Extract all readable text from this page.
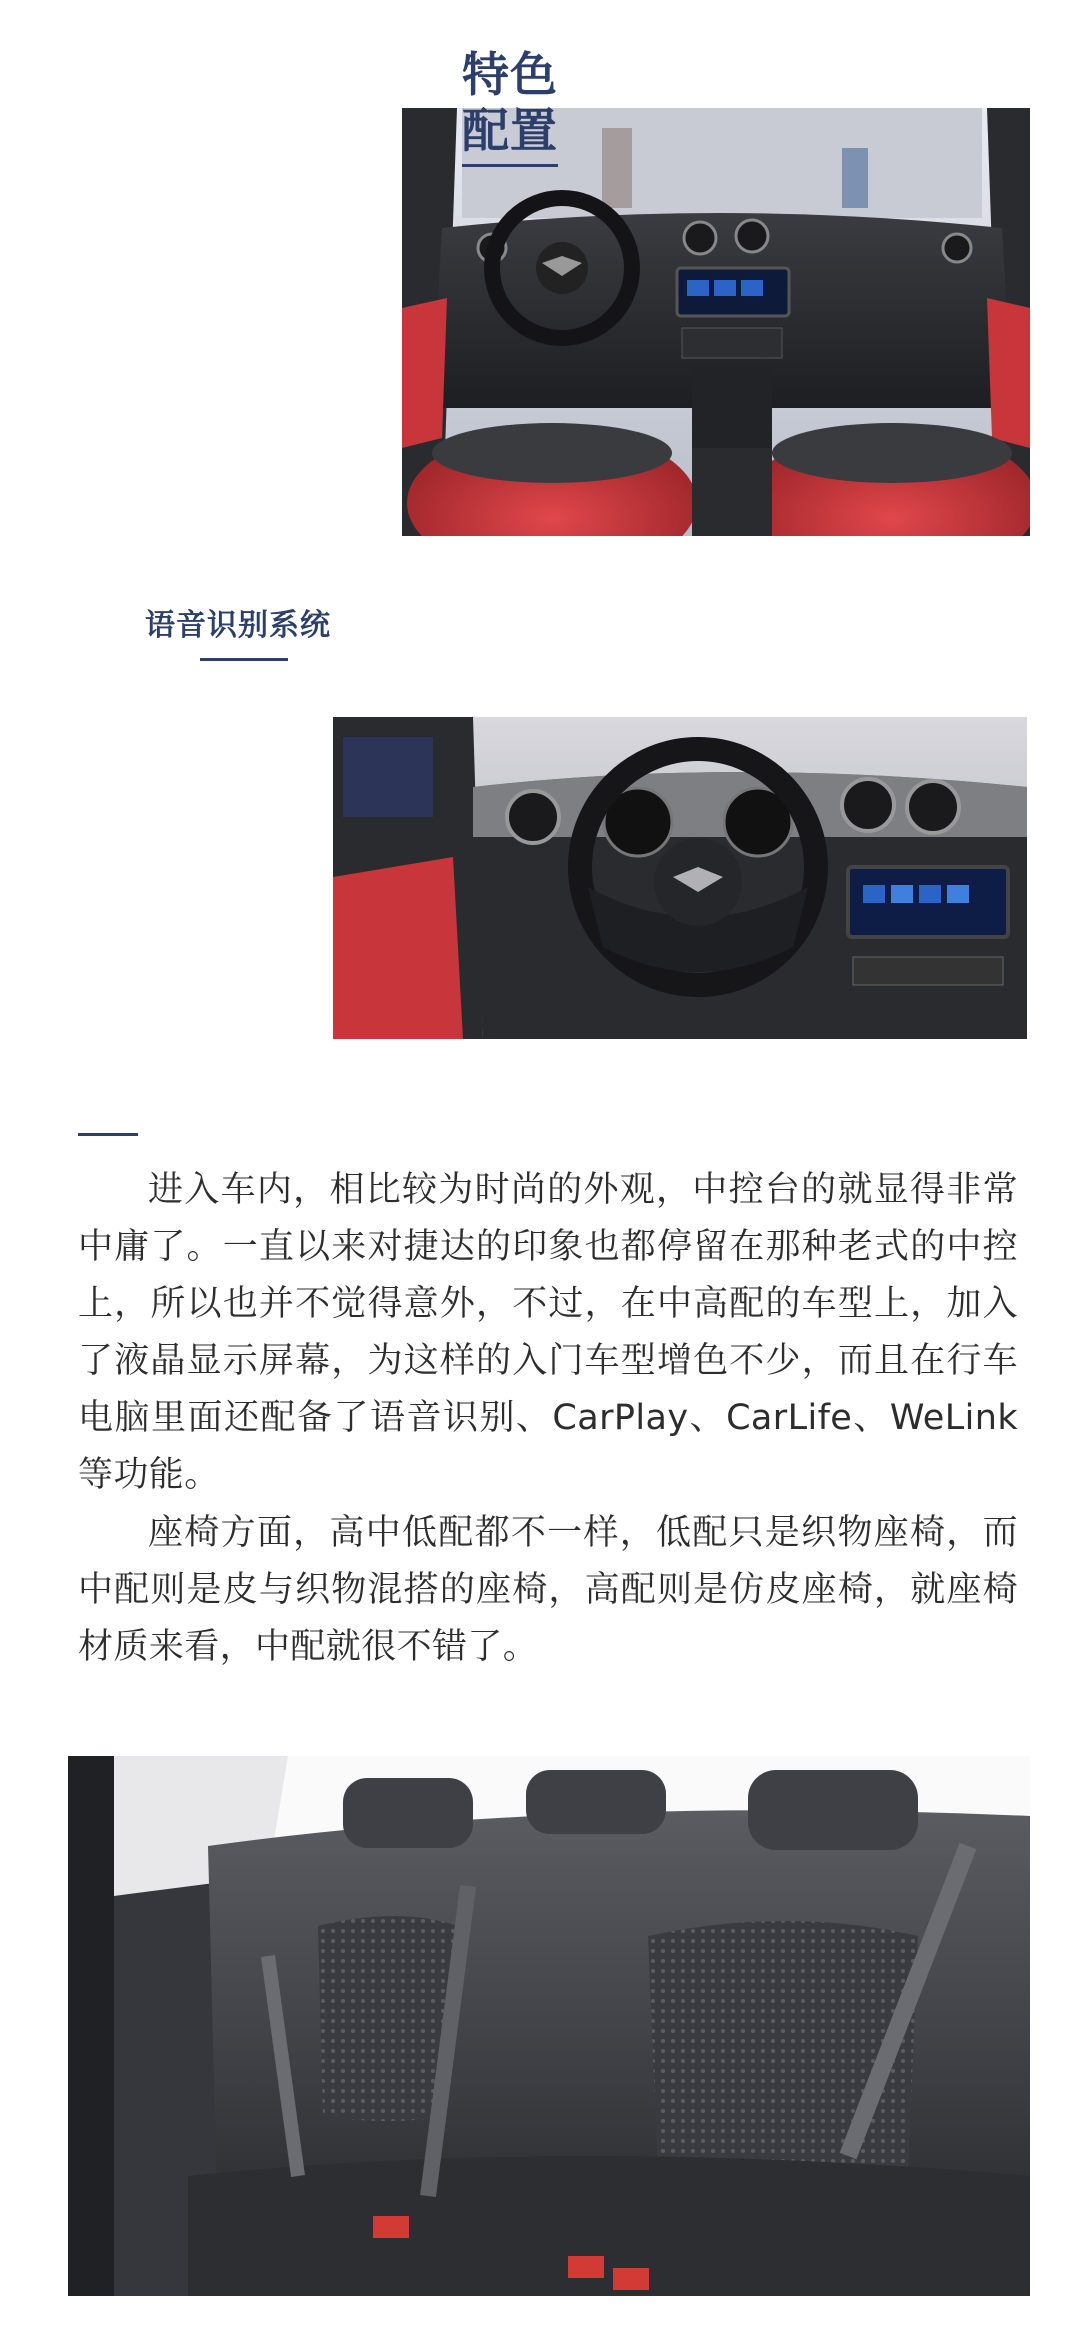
特色
配置
语音识别系统

进入车内，相比较为时尚的外观，中控台的就显得非常中庸了。一直以来对捷达的印象也都停留在那种老式的中控上，所以也并不觉得意外，不过，在中高配的车型上，加入了液晶显示屏幕，为这样的入门车型增色不少，而且在行车电脑里面还配备了语音识别、CarPlay、CarLife、WeLink等功能。

座椅方面，高中低配都不一样，低配只是织物座椅，而中配则是皮与织物混搭的座椅，高配则是仿皮座椅，就座椅材质来看，中配就很不错了。
